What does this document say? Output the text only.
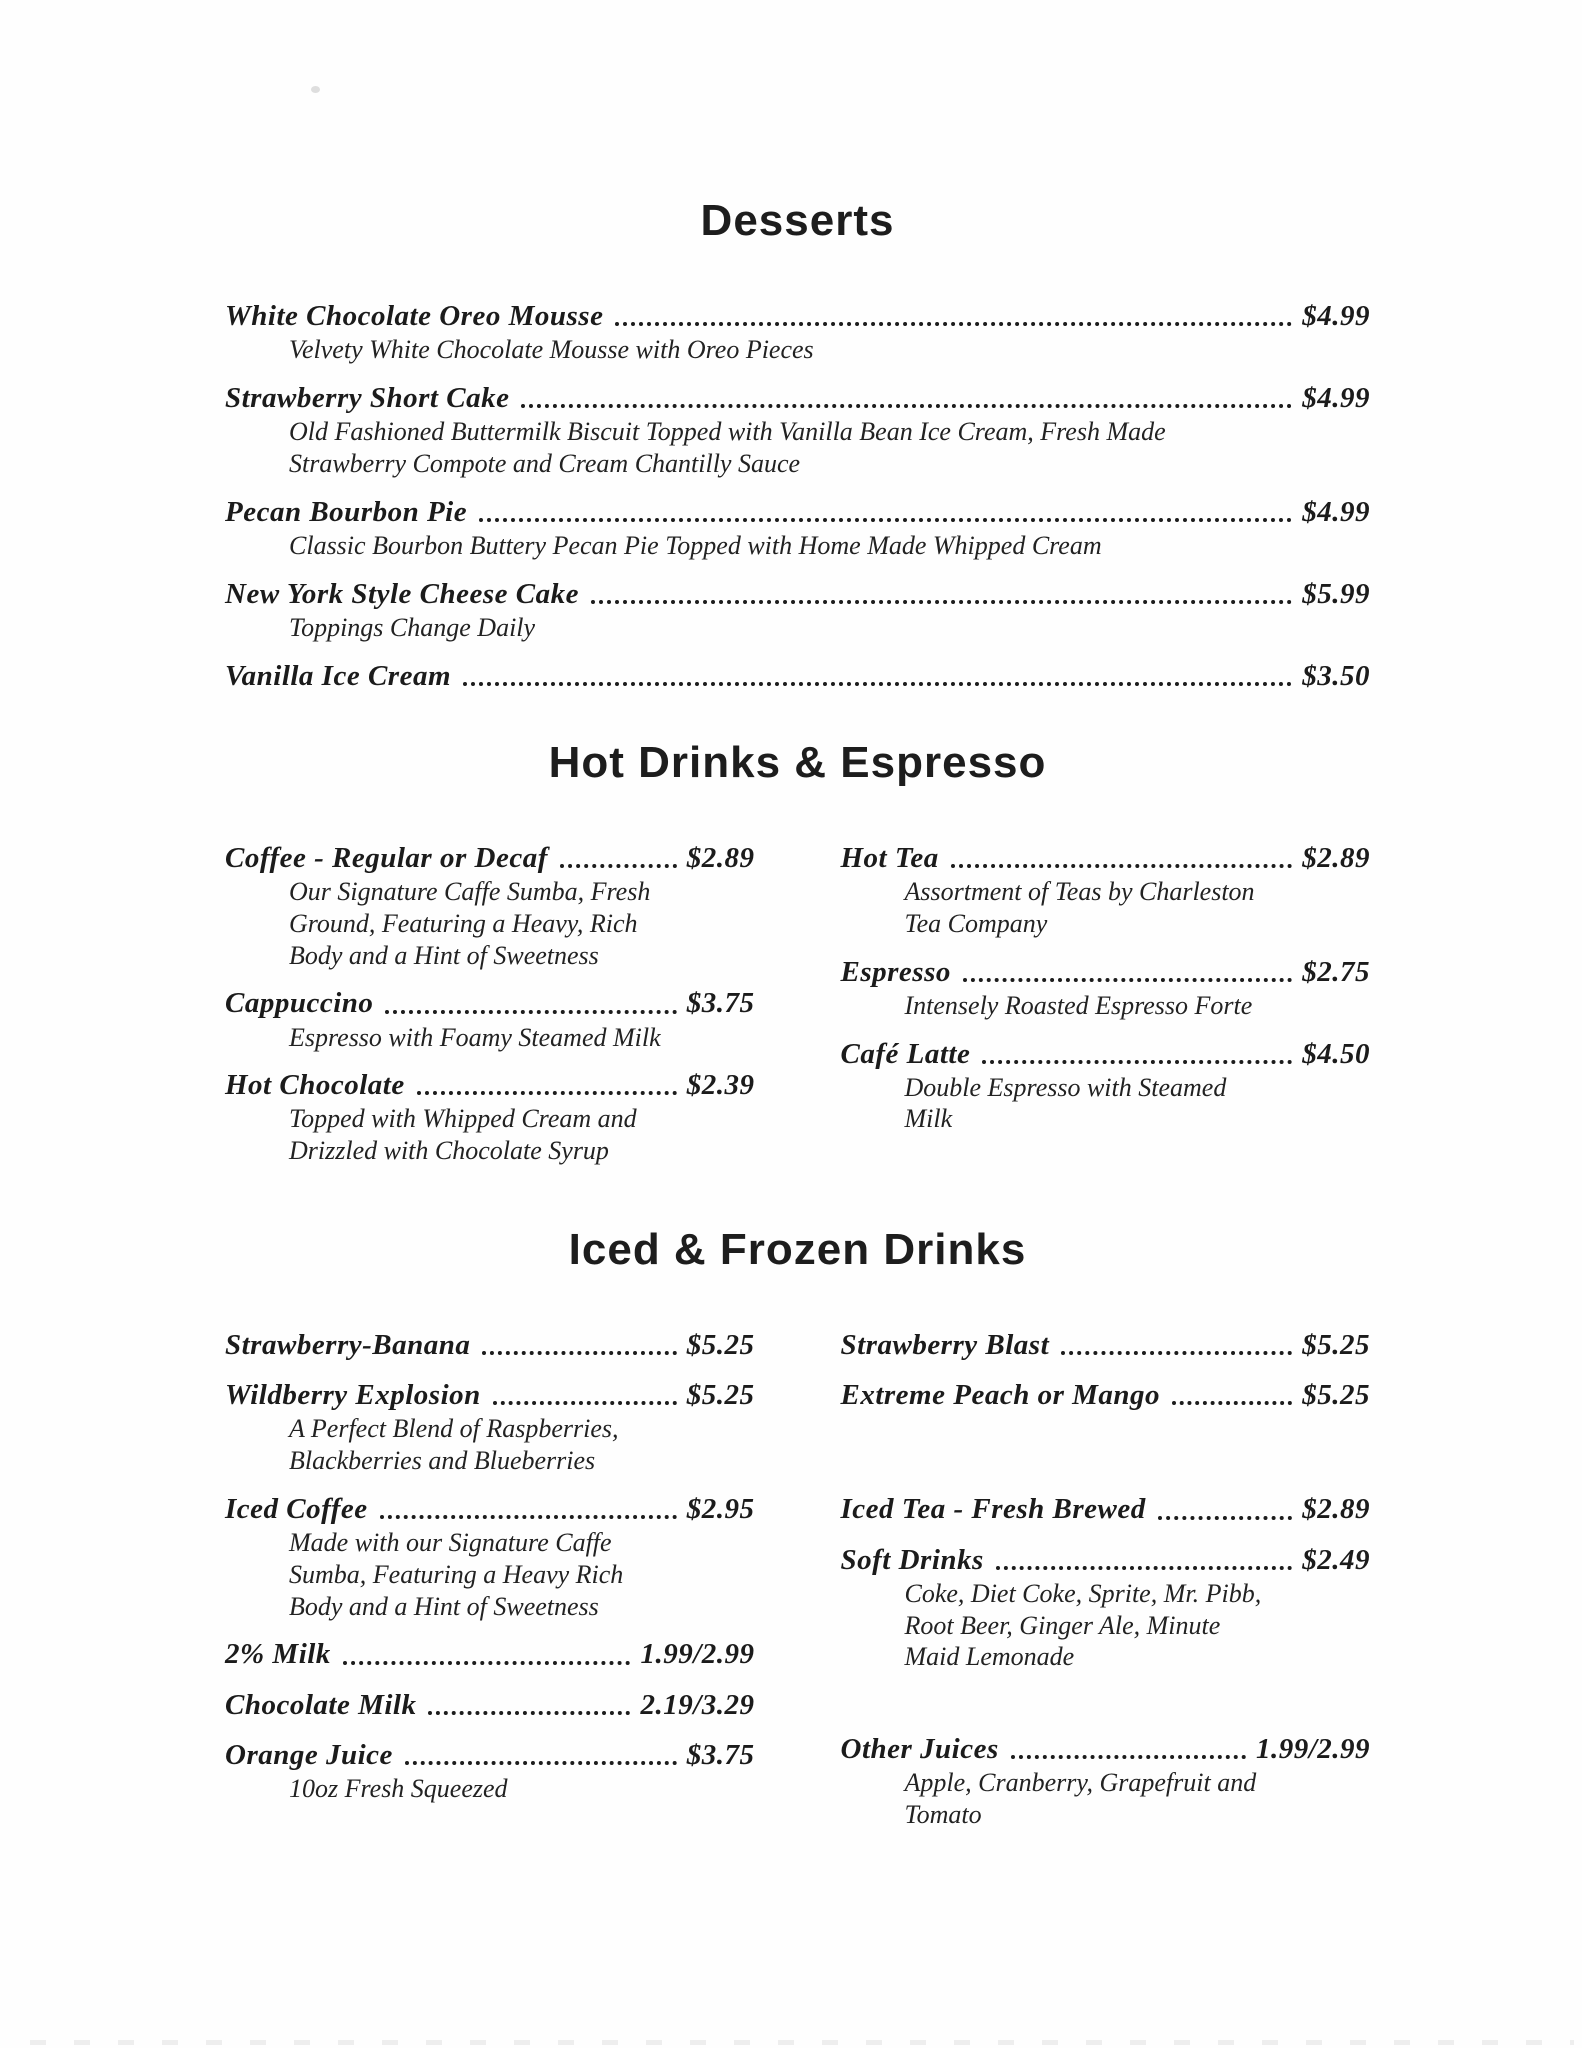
Desserts
White Chocolate Oreo Mousse	$4.99
Velvety White Chocolate Mousse with Oreo Pieces
Strawberry Short Cake	$4.99
Old Fashioned Buttermilk Biscuit Topped with Vanilla Bean Ice Cream, Fresh Made
Strawberry Compote and Cream Chantilly Sauce
Pecan Bourbon Pie	$4.99
Classic Bourbon Buttery Pecan Pie Topped with Home Made Whipped Cream
New York Style Cheese Cake	$5.99
Toppings Change Daily
Vanilla Ice Cream	$3.50
Hot Drinks & Espresso
Coffee - Regular or Decaf	$2.89
Our Signature Caffe Sumba, Fresh
Ground, Featuring a Heavy, Rich
Body and a Hint of Sweetness
Cappuccino	$3.75
Espresso with Foamy Steamed Milk
Hot Chocolate	$2.39
Topped with Whipped Cream and
Drizzled with Chocolate Syrup
Hot Tea	$2.89
Assortment of Teas by Charleston
Tea Company
Espresso	$2.75
Intensely Roasted Espresso Forte
Café Latte	$4.50
Double Espresso with Steamed
Milk
Iced & Frozen Drinks
Strawberry-Banana	$5.25
Wildberry Explosion	$5.25
A Perfect Blend of Raspberries,
Blackberries and Blueberries
Iced Coffee	$2.95
Made with our Signature Caffe
Sumba, Featuring a Heavy Rich
Body and a Hint of Sweetness
2% Milk	1.99/2.99
Chocolate Milk	2.19/3.29
Orange Juice	$3.75
10oz Fresh Squeezed
Strawberry Blast	$5.25
Extreme Peach or Mango	$5.25
Iced Tea - Fresh Brewed	$2.89
Soft Drinks	$2.49
Coke, Diet Coke, Sprite, Mr. Pibb,
Root Beer, Ginger Ale, Minute
Maid Lemonade
Other Juices	1.99/2.99
Apple, Cranberry, Grapefruit and
Tomato
